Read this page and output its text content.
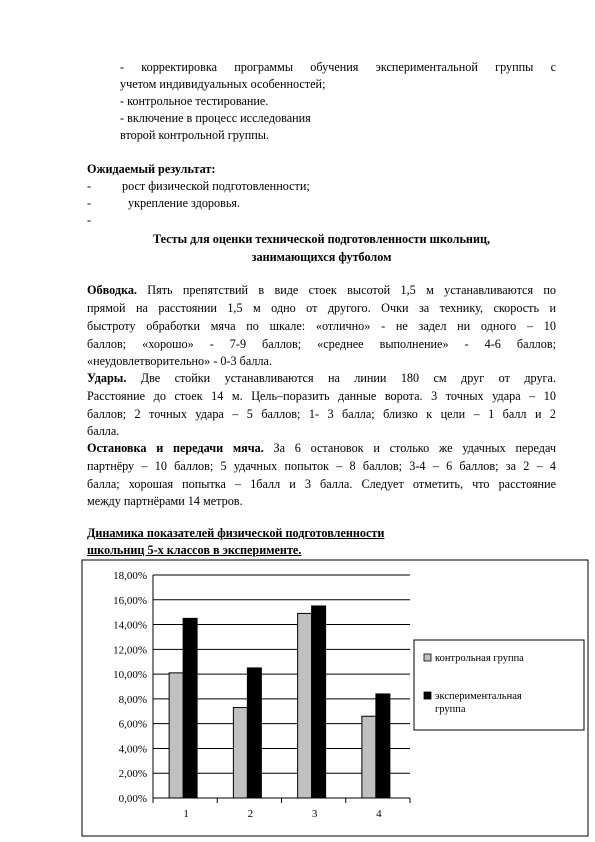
- корректировка программы обучения экспериментальной группы с
учетом индивидуальных особенностей;
- контрольное тестирование.
- включение в процесс исследования
второй контрольной группы.
Ожидаемый результат:
-	рост физической подготовленности;
-	укрепление здоровья.
-
Тесты для оценки технической подготовленности школьниц,
занимающихся футболом
Обводка. Пять препятствий в виде стоек высотой 1,5 м устанавливаются по
прямой на расстоянии 1,5 м одно от другого. Очки за технику, скорость и
быстроту обработки мяча по шкале: «отлично» - не задел ни одного – 10
баллов; «хорошо» - 7-9 баллов; «среднее выполнение» - 4-6 баллов;
«неудовлетворительно» - 0-3 балла.
Удары. Две стойки устанавливаются на линии 180 см друг от друга.
Расстояние до стоек 14 м. Цель–поразить данные ворота. 3 точных удара – 10
баллов; 2 точных удара – 5 баллов; 1- 3 балла; близко к цели – 1 балл и 2
балла.
Остановка и передачи мяча. За 6 остановок и столько же удачных передач
партнёру – 10 баллов; 5 удачных попыток – 8 баллов; 3-4 – 6 баллов; за 2 – 4
балла; хорошая попытка – 1балл и 3 балла. Следует отметить, что расстояние
между партнёрами 14 метров.
Динамика показателей физической подготовленности
школьниц 5-х классов в эксперименте.
0,00%
2,00%
4,00%
6,00%
8,00%
10,00%
12,00%
14,00%
16,00%
18,00%
1	2	3	4
контрольная группа
экспериментальная
группа
